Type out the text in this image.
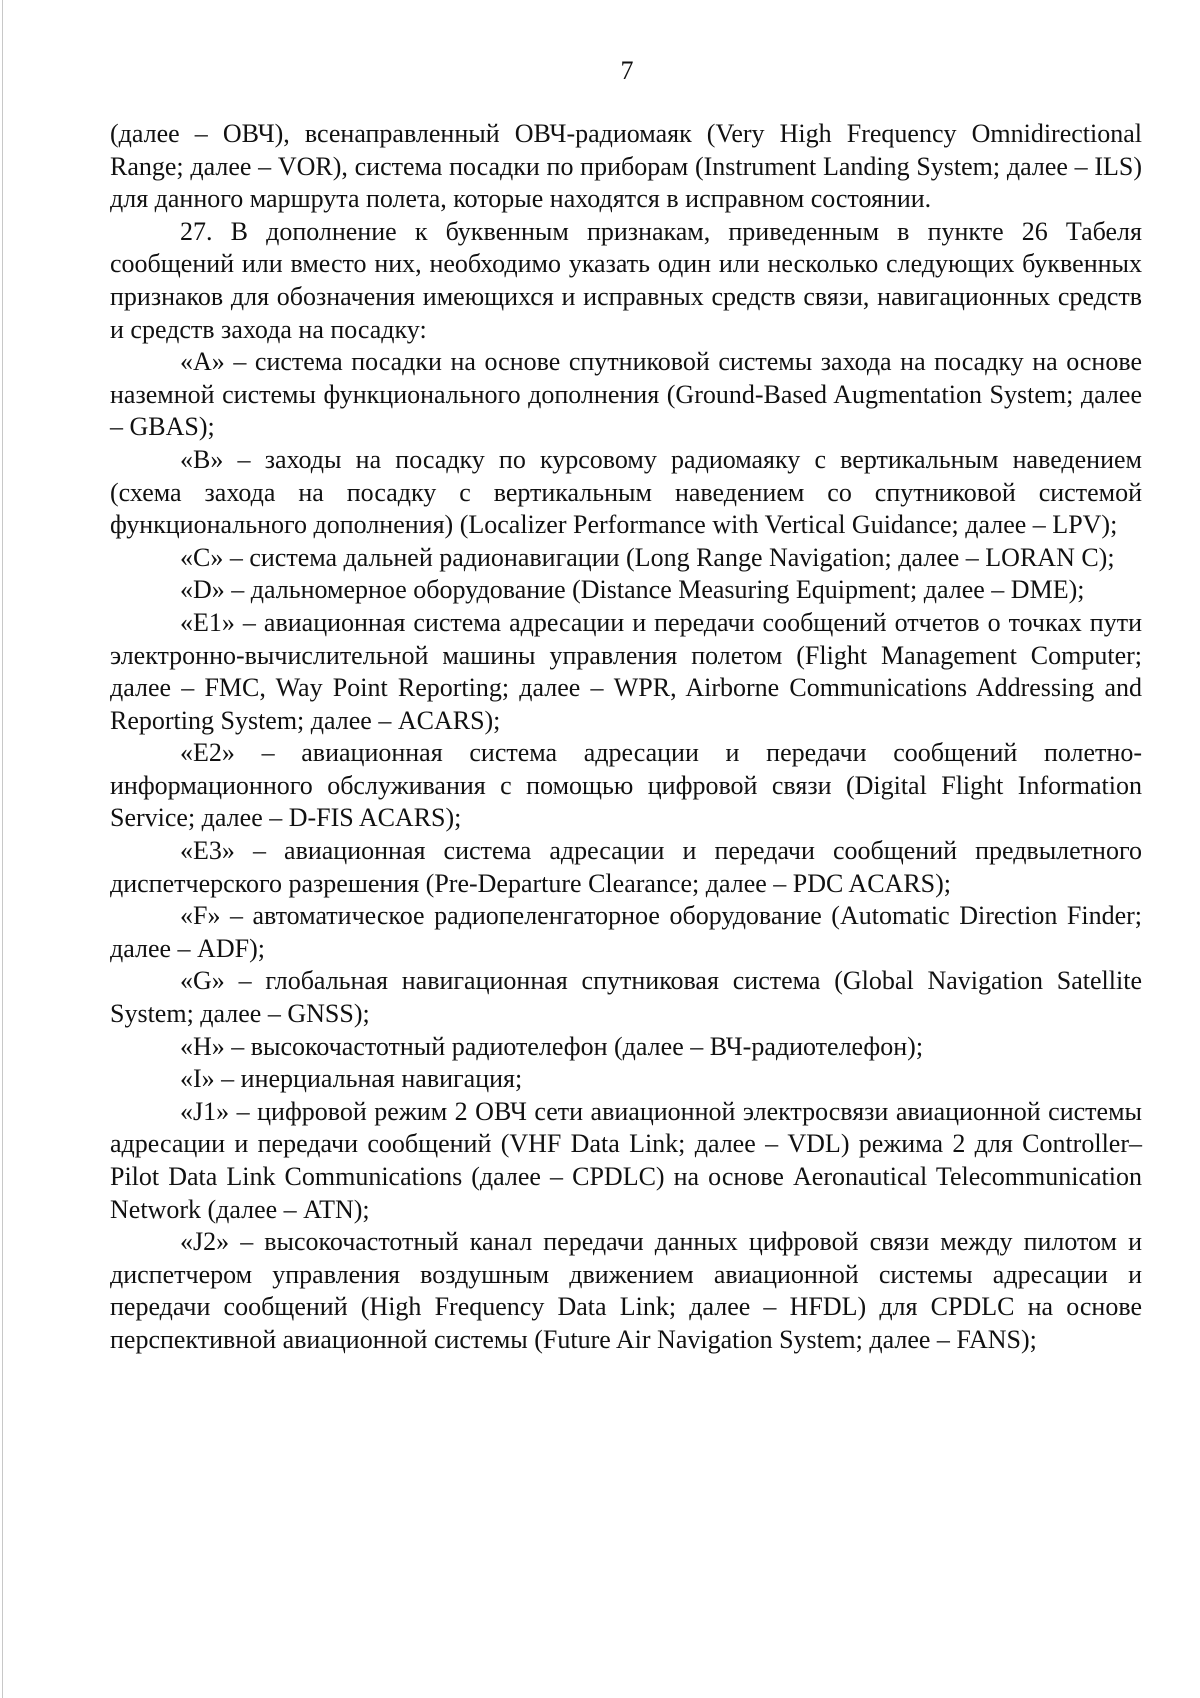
7

(далее – ОВЧ), всенаправленный ОВЧ-радиомаяк (Very High Frequency Omnidirectional Range; далее – VOR), система посадки по приборам (Instrument Landing System; далее – ILS) для данного маршрута полета, которые находятся в исправном состоянии.

27. В дополнение к буквенным признакам, приведенным в пункте 26 Табеля сообщений или вместо них, необходимо указать один или несколько следующих буквенных признаков для обозначения имеющихся и исправных средств связи, навигационных средств и средств захода на посадку:

«A» – система посадки на основе спутниковой системы захода на посадку на основе наземной системы функционального дополнения (Ground-Based Augmentation System; далее – GBAS);

«B» – заходы на посадку по курсовому радиомаяку с вертикальным наведением (схема захода на посадку с вертикальным наведением со спутниковой системой функционального дополнения) (Localizer Performance with Vertical Guidance; далее – LPV);

«C» – система дальней радионавигации (Long Range Navigation; далее – LORAN C);

«D» – дальномерное оборудование (Distance Measuring Equipment; далее – DME);

«E1» – авиационная система адресации и передачи сообщений отчетов о точках пути электронно-вычислительной машины управления полетом (Flight Management Computer; далее – FMC, Way Point Reporting; далее – WPR, Airborne Communications Addressing and Reporting System; далее – ACARS);

«E2» – авиационная система адресации и передачи сообщений полетно-информационного обслуживания с помощью цифровой связи (Digital Flight Information Service; далее – D-FIS ACARS);

«E3» – авиационная система адресации и передачи сообщений предвылетного диспетчерского разрешения (Pre-Departure Clearance; далее – PDC ACARS);

«F» – автоматическое радиопеленгаторное оборудование (Automatic Direction Finder; далее – ADF);

«G» – глобальная навигационная спутниковая система (Global Navigation Satellite System; далее – GNSS);

«H» – высокочастотный радиотелефон (далее – ВЧ-радиотелефон);

«I» – инерциальная навигация;

«J1» – цифровой режим 2 ОВЧ сети авиационной электросвязи авиационной системы адресации и передачи сообщений (VHF Data Link; далее – VDL) режима 2 для Controller–Pilot Data Link Communications (далее – CPDLC) на основе Aeronautical Telecommunication Network (далее – ATN);

«J2» – высокочастотный канал передачи данных цифровой связи между пилотом и диспетчером управления воздушным движением авиационной системы адресации и передачи сообщений (High Frequency Data Link; далее – HFDL) для CPDLC на основе перспективной авиационной системы (Future Air Navigation System; далее – FANS);
